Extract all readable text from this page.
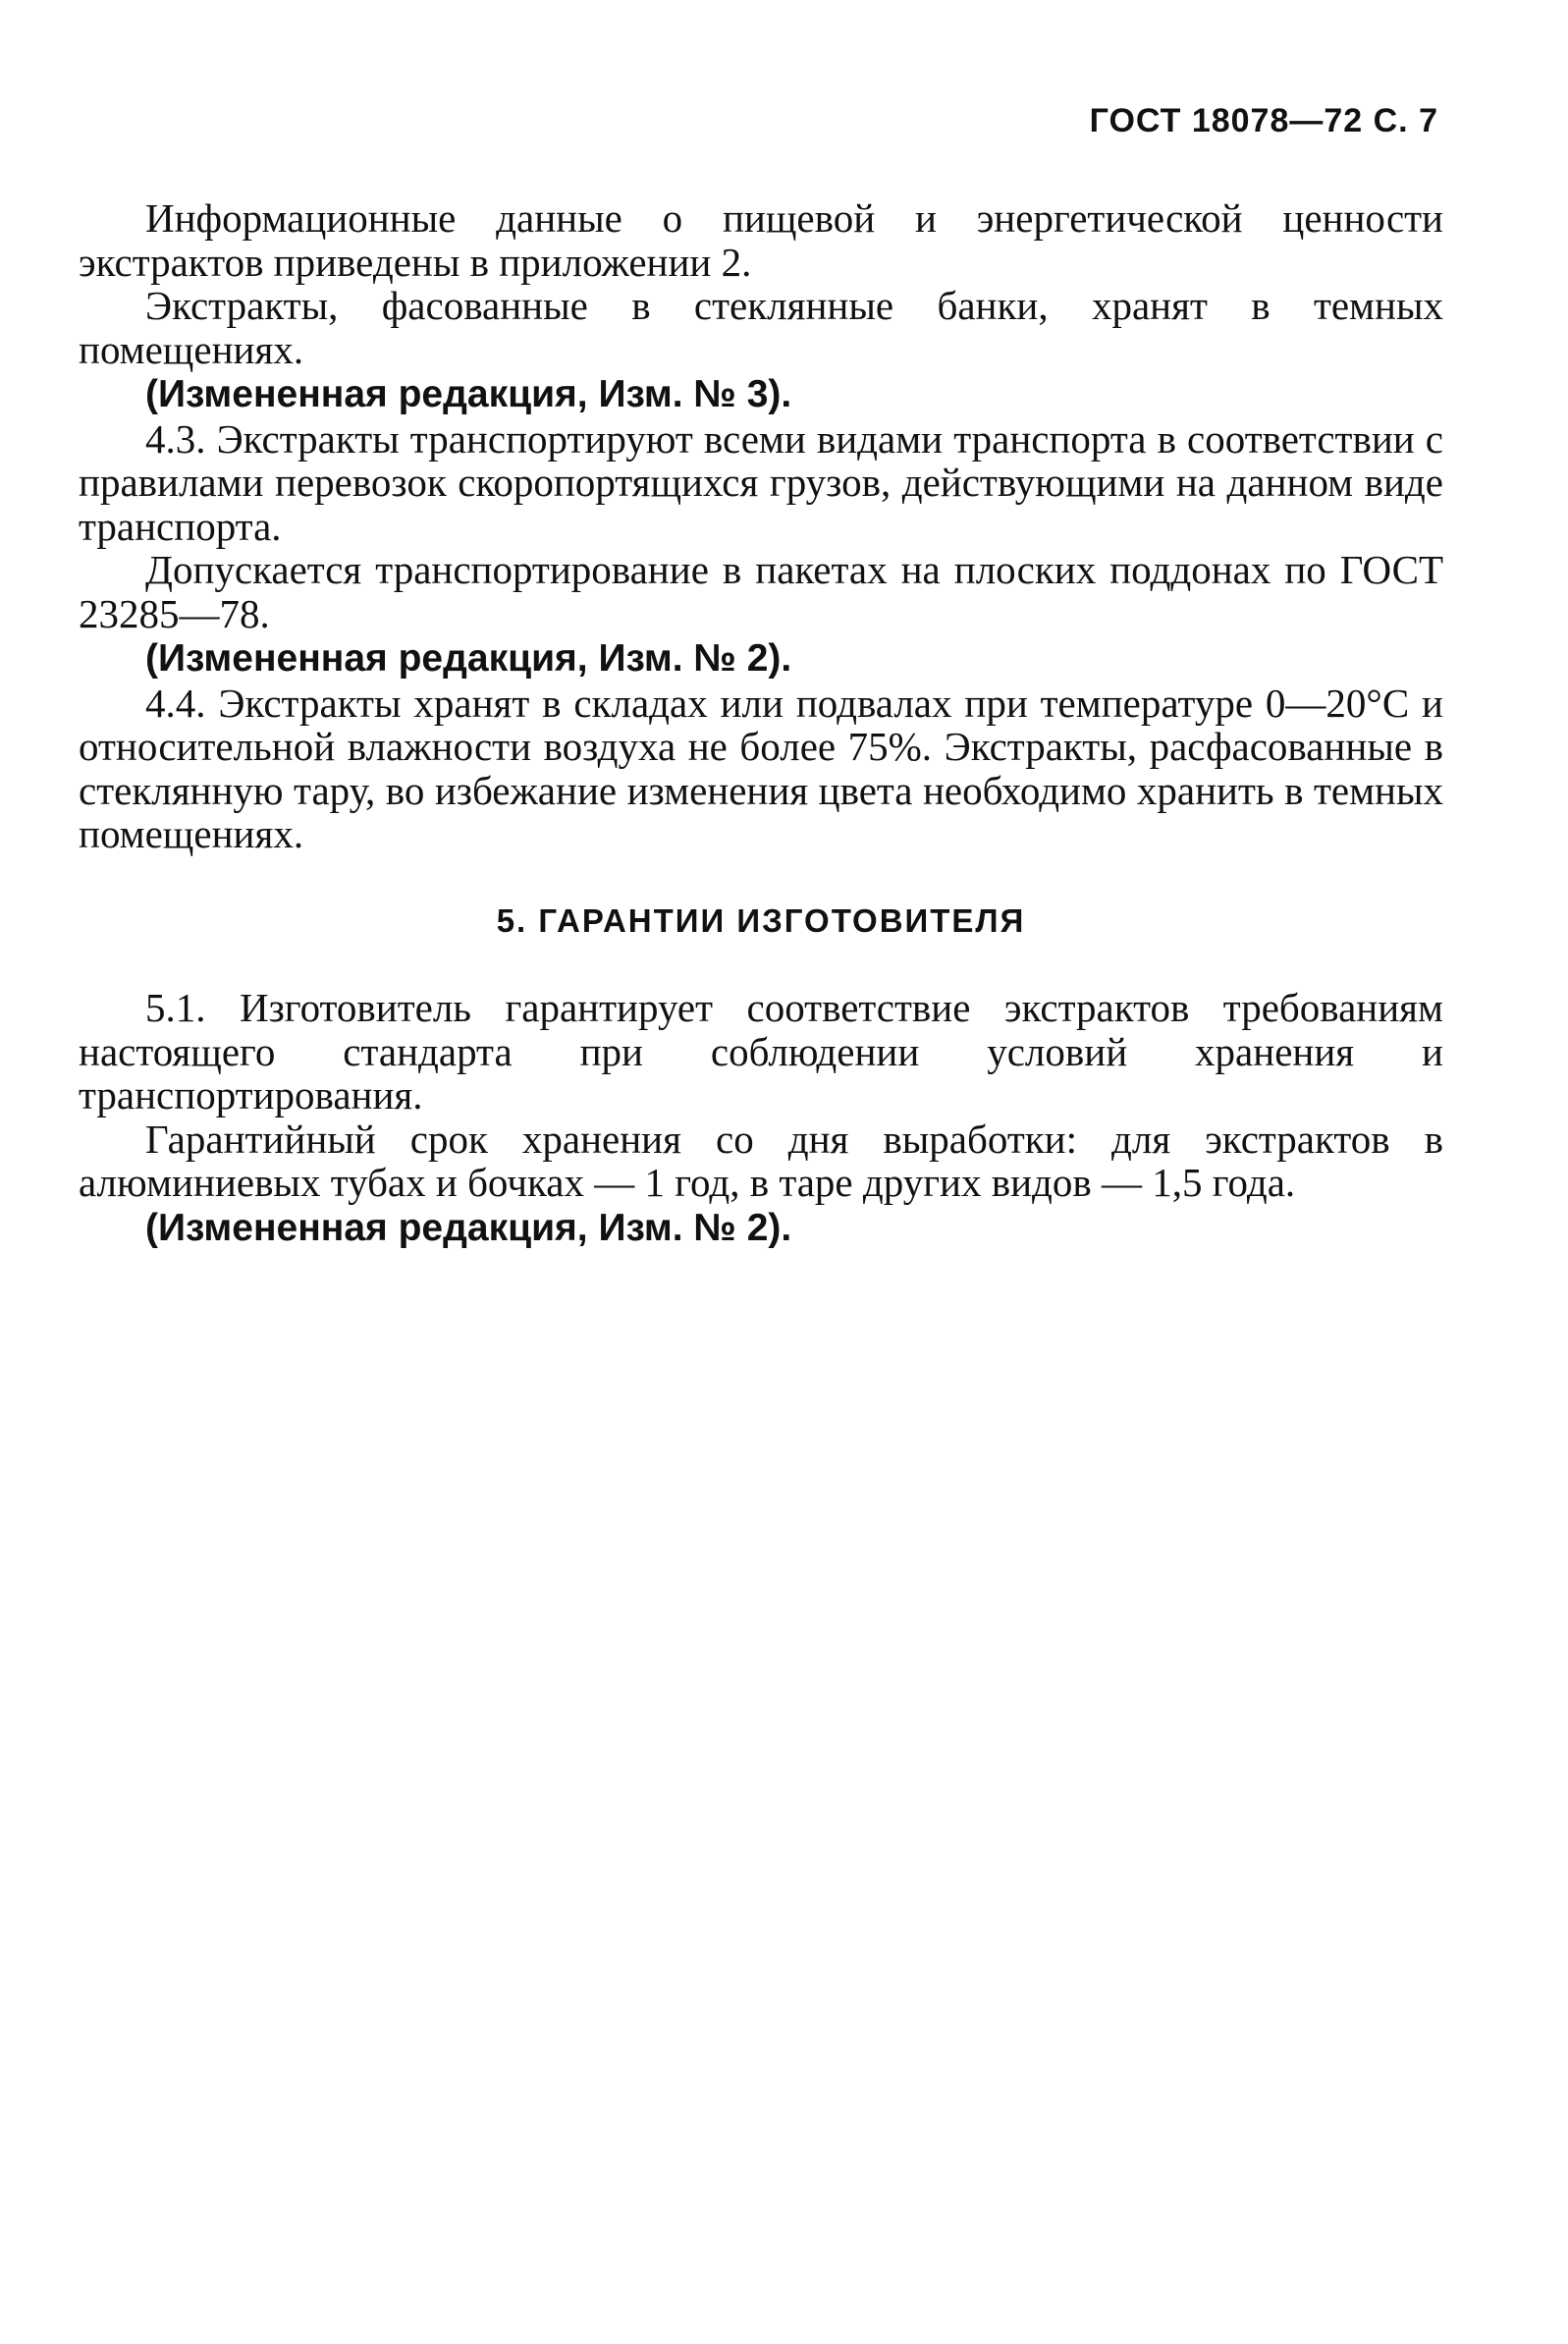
ГОСТ 18078—72 С. 7

Информационные данные о пищевой и энергетической ценности экстрактов приведены в приложении 2.

Экстракты, фасованные в стеклянные банки, хранят в темных помещениях.

(Измененная редакция, Изм. № 3).

4.3. Экстракты транспортируют всеми видами транспорта в соответствии с правилами перевозок скоропортящихся грузов, действующими на данном виде транспорта.

Допускается транспортирование в пакетах на плоских поддонах по ГОСТ 23285—78.

(Измененная редакция, Изм. № 2).

4.4. Экстракты хранят в складах или подвалах при температуре 0—20°С и относительной влажности воздуха не более 75%. Экстракты, расфасованные в стеклянную тару, во избежание изменения цвета необходимо хранить в темных помещениях.

5. ГАРАНТИИ ИЗГОТОВИТЕЛЯ

5.1. Изготовитель гарантирует соответствие экстрактов требованиям настоящего стандарта при соблюдении условий хранения и транспортирования.

Гарантийный срок хранения со дня выработки: для экстрактов в алюминиевых тубах и бочках — 1 год, в таре других видов — 1,5 года.

(Измененная редакция, Изм. № 2).
